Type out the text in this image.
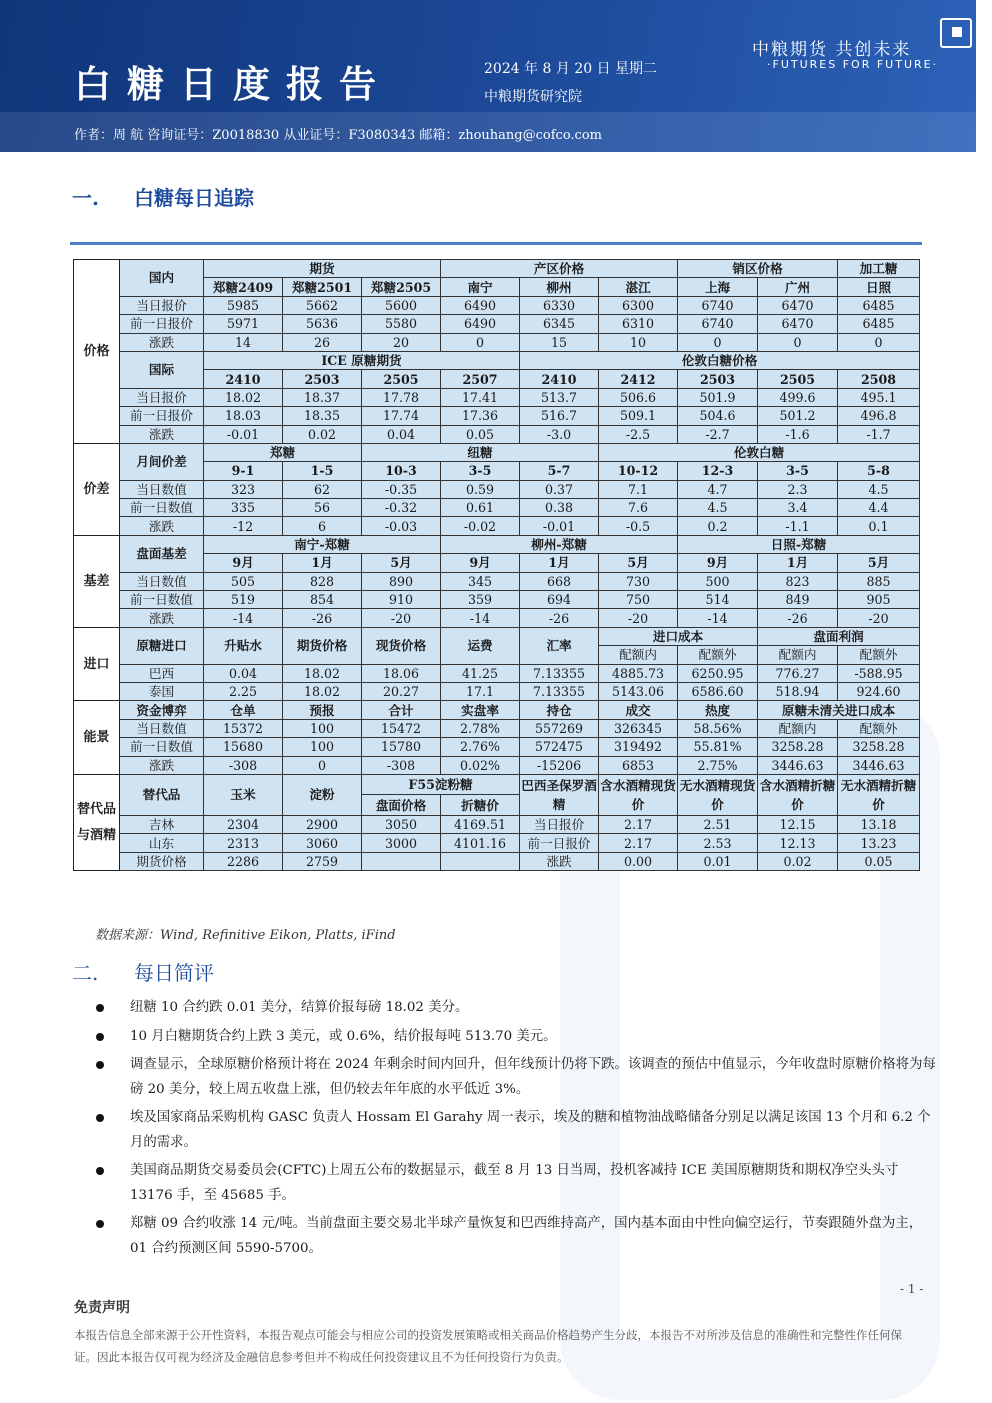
白糖日度报告	2024 年 8 月 20 日 星期二
中粮期货研究院
中粮期货 共创未来
·FUTURES FOR FUTURE·
作者：周 航 咨询证号：Z0018830 从业证号：F3080343 邮箱：zhouhang@cofco.com
一. 白糖每日追踪
价格	国内	期货			产区价格			销区价格		加工糖
		郑糖2409	郑糖2501	郑糖2505	南宁	柳州	湛江	上海	广州	日照
	当日报价	5985	5662	5600	6490	6330	6300	6740	6470	6485
	前一日报价	5971	5636	5580	6490	6345	6310	6740	6470	6485
	涨跌	14	26	20	0	15	10	0	0	0
	国际	ICE 原糖期货				伦敦白糖价格				
		2410	2503	2505	2507	2410	2412	2503	2505	2508
	当日报价	18.02	18.37	17.78	17.41	513.7	506.6	501.9	499.6	495.1
	前一日报价	18.03	18.35	17.74	17.36	516.7	509.1	504.6	501.2	496.8
	涨跌	-0.01	0.02	0.04	0.05	-3.0	-2.5	-2.7	-1.6	-1.7
价差	月间价差	郑糖		纽糖			伦敦白糖			
		9-1	1-5	10-3	3-5	5-7	10-12	12-3	3-5	5-8
	当日数值	323	62	-0.35	0.59	0.37	7.1	4.7	2.3	4.5
	前一日数值	335	56	-0.32	0.61	0.38	7.6	4.5	3.4	4.4
	涨跌	-12	6	-0.03	-0.02	-0.01	-0.5	0.2	-1.1	0.1
基差	盘面基差	南宁-郑糖			柳州-郑糖			日照-郑糖		
		9月	1月	5月	9月	1月	5月	9月	1月	5月
	当日数值	505	828	890	345	668	730	500	823	885
	前一日数值	519	854	910	359	694	750	514	849	905
	涨跌	-14	-26	-20	-14	-26	-20	-14	-26	-20
进口	原糖进口	升贴水	期货价格	现货价格	运费	汇率	进口成本		盘面利润	
							配额内	配额外	配额内	配额外
	巴西	0.04	18.02	18.06	41.25	7.13355	4885.73	6250.95	776.27	-588.95
	泰国	2.25	18.02	20.27	17.1	7.13355	5143.06	6586.60	518.94	924.60
能景	资金博弈	仓单	预报	合计	实盘率	持仓	成交	热度	原糖未清关进口成本	
	当日数值	15372	100	15472	2.78%	557269	326345	58.56%	配额内	配额外
	前一日数值	15680	100	15780	2.76%	572475	319492	55.81%	3258.28	3258.28
	涨跌	-308	0	-308	0.02%	-15206	6853	2.75%	3446.63	3446.63
替代品与酒精	替代品	玉米	淀粉	F55淀粉糖		巴西圣保罗酒精	含水酒精现货价	无水酒精现货价	含水酒精折糖价	无水酒精折糖价
				盘面价格	折糖价					
	吉林	2304	2900	3050	4169.51	当日报价	2.17	2.51	12.15	13.18
	山东	2313	3060	3000	4101.16	前一日报价	2.17	2.53	12.13	13.23
	期货价格	2286	2759			涨跌	0.00	0.01	0.02	0.05
数据来源：Wind, Refinitive Eikon, Platts, iFind
二. 每日简评
纽糖 10 合约跌 0.01 美分，结算价报每磅 18.02 美分。
10 月白糖期货合约上跌 3 美元，或 0.6%，结价报每吨 513.70 美元。
调查显示，全球原糖价格预计将在 2024 年剩余时间内回升，但年线预计仍将下跌。该调查的预估中值显示，今年收盘时原糖价格将为每磅 20 美分，较上周五收盘上涨，但仍较去年年底的水平低近 3%。
埃及国家商品采购机构 GASC 负责人 Hossam El Garahy 周一表示，埃及的糖和植物油战略储备分别足以满足该国 13 个月和 6.2 个月的需求。
美国商品期货交易委员会(CFTC)上周五公布的数据显示，截至 8 月 13 日当周，投机客减持 ICE 美国原糖期货和期权净空头头寸 13176 手，至 45685 手。
郑糖 09 合约收涨 14 元/吨。当前盘面主要交易北半球产量恢复和巴西维持高产，国内基本面由中性向偏空运行，节奏跟随外盘为主，01 合约预测区间 5590-5700。
- 1 -
免责声明
本报告信息全部来源于公开性资料，本报告观点可能会与相应公司的投资发展策略或相关商品价格趋势产生分歧，本报告不对所涉及信息的准确性和完整性作任何保证。因此本报告仅可视为经济及金融信息参考但并不构成任何投资建议且不为任何投资行为负责。
